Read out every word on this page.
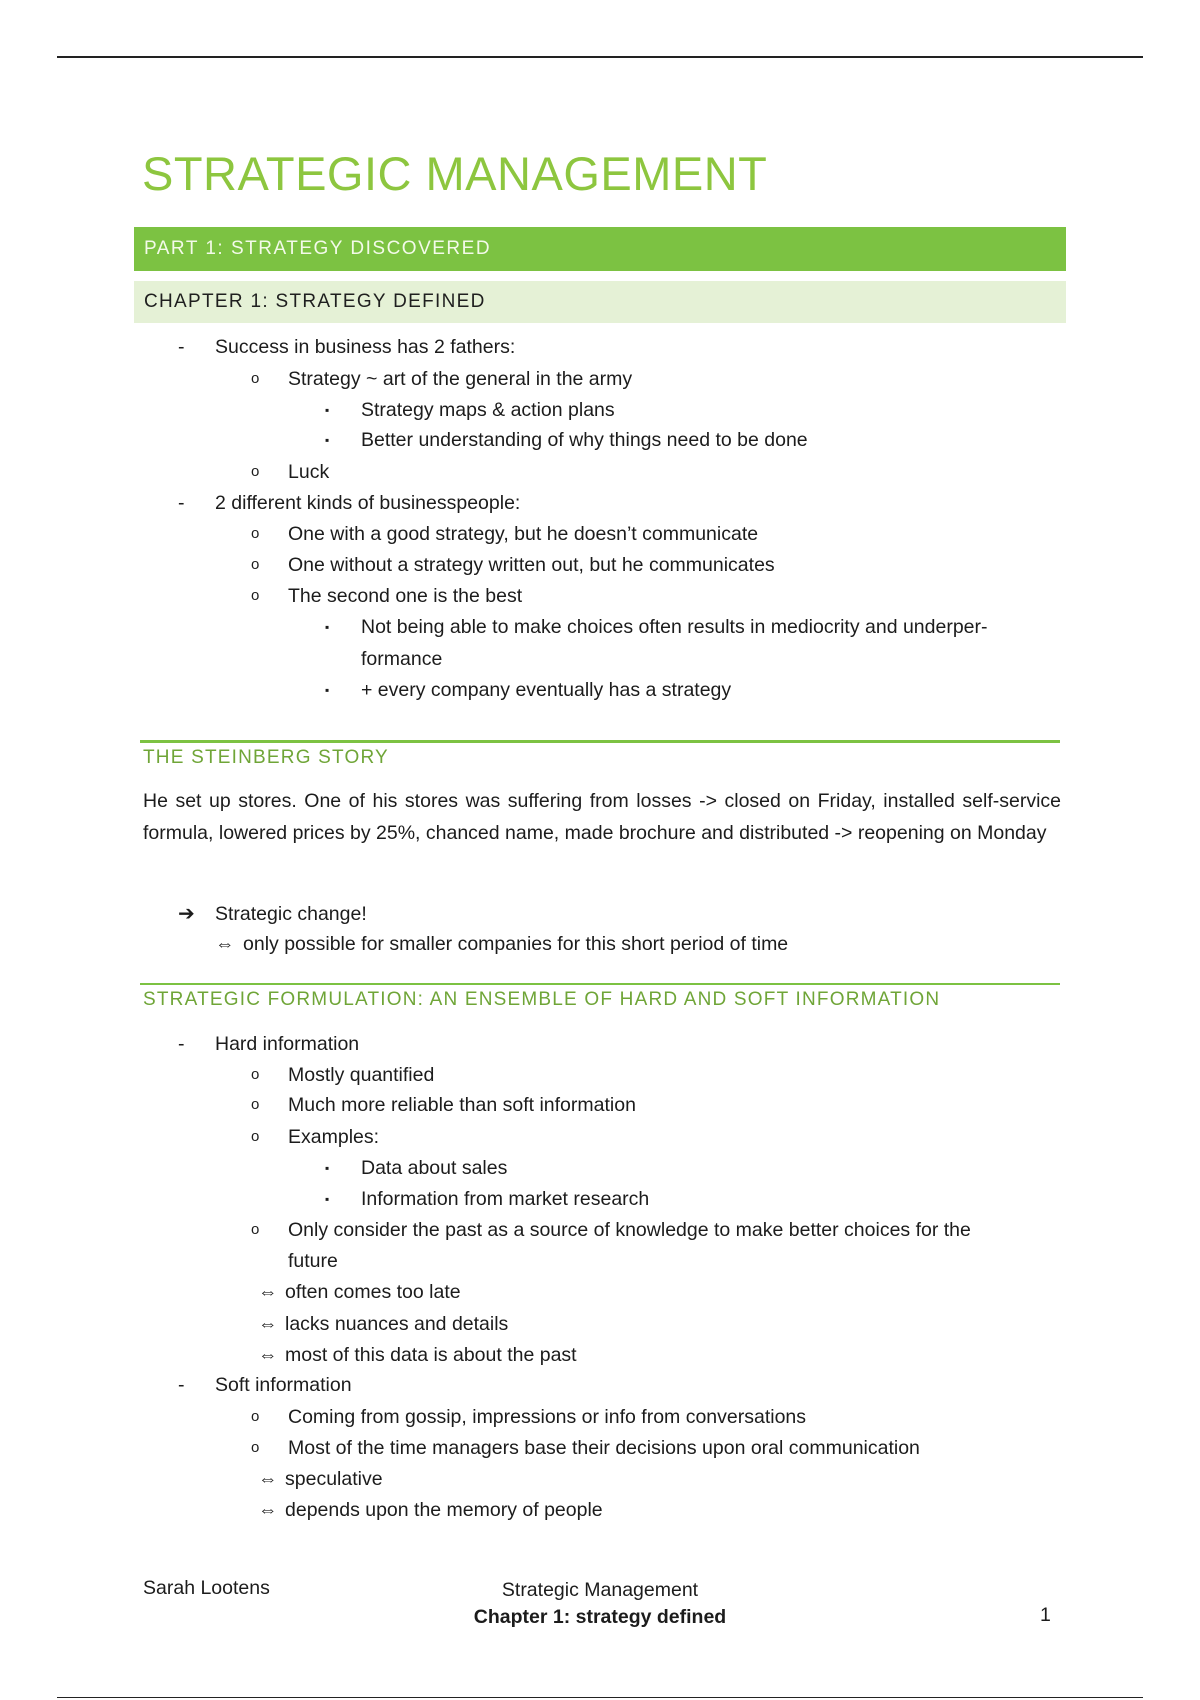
STRATEGIC MANAGEMENT
PART 1: STRATEGY DISCOVERED
CHAPTER 1: STRATEGY DEFINED
- Success in business has 2 fathers:
o Strategy ~ art of the general in the army
▪ Strategy maps & action plans
▪ Better understanding of why things need to be done
o Luck
- 2 different kinds of businesspeople:
o One with a good strategy, but he doesn’t communicate
o One without a strategy written out, but he communicates
o The second one is the best
▪ Not being able to make choices often results in mediocrity and underper-
formance
▪ + every company eventually has a strategy
THE STEINBERG STORY
He set up stores. One of his stores was suffering from losses -> closed on Friday, installed self-service formula, lowered prices by 25%, chanced name, made brochure and distributed -> reopening on Monday
➔ Strategic change!
⇔ only possible for smaller companies for this short period of time
STRATEGIC FORMULATION: AN ENSEMBLE OF HARD AND SOFT INFORMATION
- Hard information
o Mostly quantified
o Much more reliable than soft information
o Examples:
▪ Data about sales
▪ Information from market research
o Only consider the past as a source of knowledge to make better choices for the
future
⇔ often comes too late
⇔ lacks nuances and details
⇔ most of this data is about the past
- Soft information
o Coming from gossip, impressions or info from conversations
o Most of the time managers base their decisions upon oral communication
⇔ speculative
⇔ depends upon the memory of people
Sarah Lootens	Strategic Management
Chapter 1: strategy defined	1
